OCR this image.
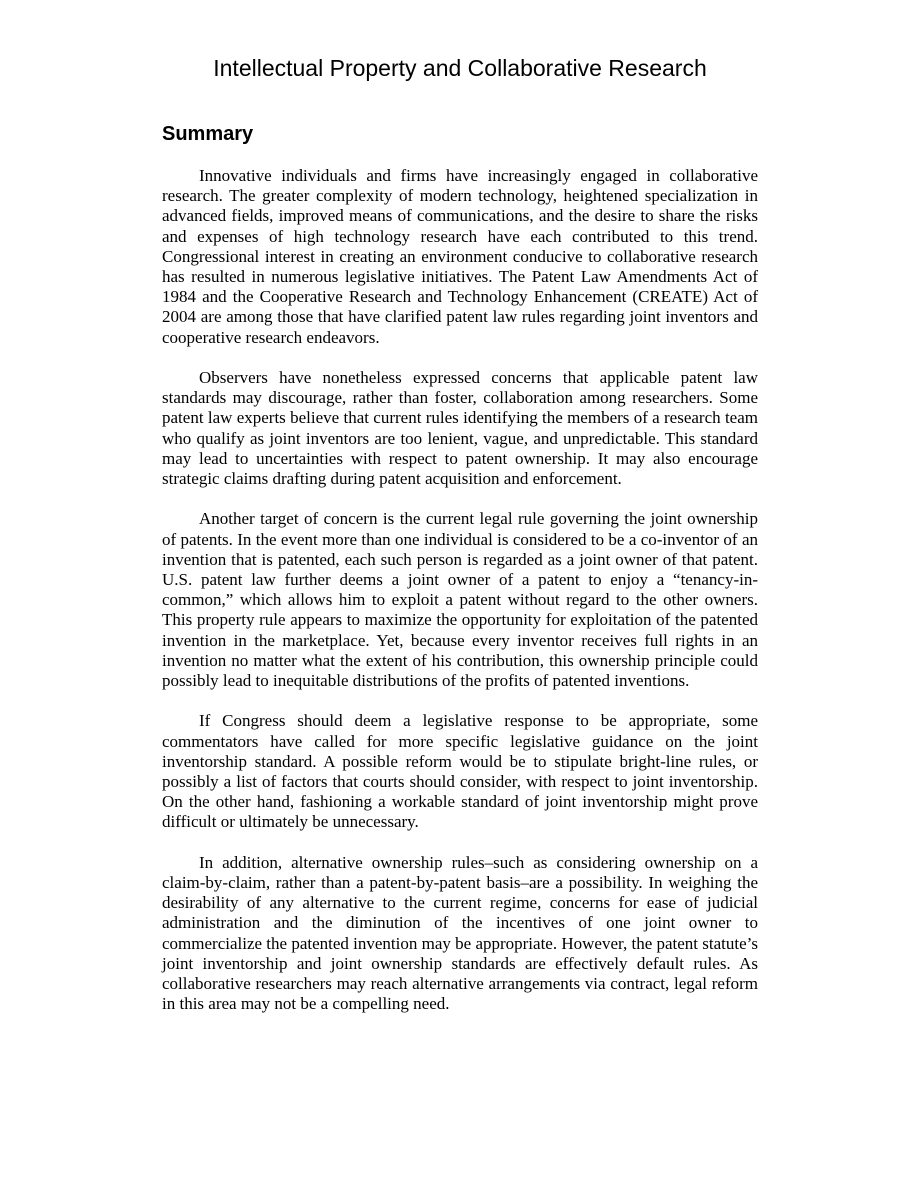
Intellectual Property and Collaborative Research
Summary

Innovative individuals and firms have increasingly engaged in collaborative research. The greater complexity of modern technology, heightened specialization in advanced fields, improved means of communications, and the desire to share the risks and expenses of high technology research have each contributed to this trend. Congressional interest in creating an environment conducive to collaborative research has resulted in numerous legislative initiatives. The Patent Law Amendments Act of 1984 and the Cooperative Research and Technology Enhancement (CREATE) Act of 2004 are among those that have clarified patent law rules regarding joint inventors and cooperative research endeavors.

Observers have nonetheless expressed concerns that applicable patent law standards may discourage, rather than foster, collaboration among researchers. Some patent law experts believe that current rules identifying the members of a research team who qualify as joint inventors are too lenient, vague, and unpredictable. This standard may lead to uncertainties with respect to patent ownership. It may also encourage strategic claims drafting during patent acquisition and enforcement.

Another target of concern is the current legal rule governing the joint ownership of patents. In the event more than one individual is considered to be a co-inventor of an invention that is patented, each such person is regarded as a joint owner of that patent. U.S. patent law further deems a joint owner of a patent to enjoy a “tenancy-in-common,” which allows him to exploit a patent without regard to the other owners. This property rule appears to maximize the opportunity for exploitation of the patented invention in the marketplace. Yet, because every inventor receives full rights in an invention no matter what the extent of his contribution, this ownership principle could possibly lead to inequitable distributions of the profits of patented inventions.

If Congress should deem a legislative response to be appropriate, some commentators have called for more specific legislative guidance on the joint inventorship standard. A possible reform would be to stipulate bright-line rules, or possibly a list of factors that courts should consider, with respect to joint inventorship. On the other hand, fashioning a workable standard of joint inventorship might prove difficult or ultimately be unnecessary.

In addition, alternative ownership rules–such as considering ownership on a claim-by-claim, rather than a patent-by-patent basis–are a possibility. In weighing the desirability of any alternative to the current regime, concerns for ease of judicial administration and the diminution of the incentives of one joint owner to commercialize the patented invention may be appropriate. However, the patent statute’s joint inventorship and joint ownership standards are effectively default rules. As collaborative researchers may reach alternative arrangements via contract, legal reform in this area may not be a compelling need.
